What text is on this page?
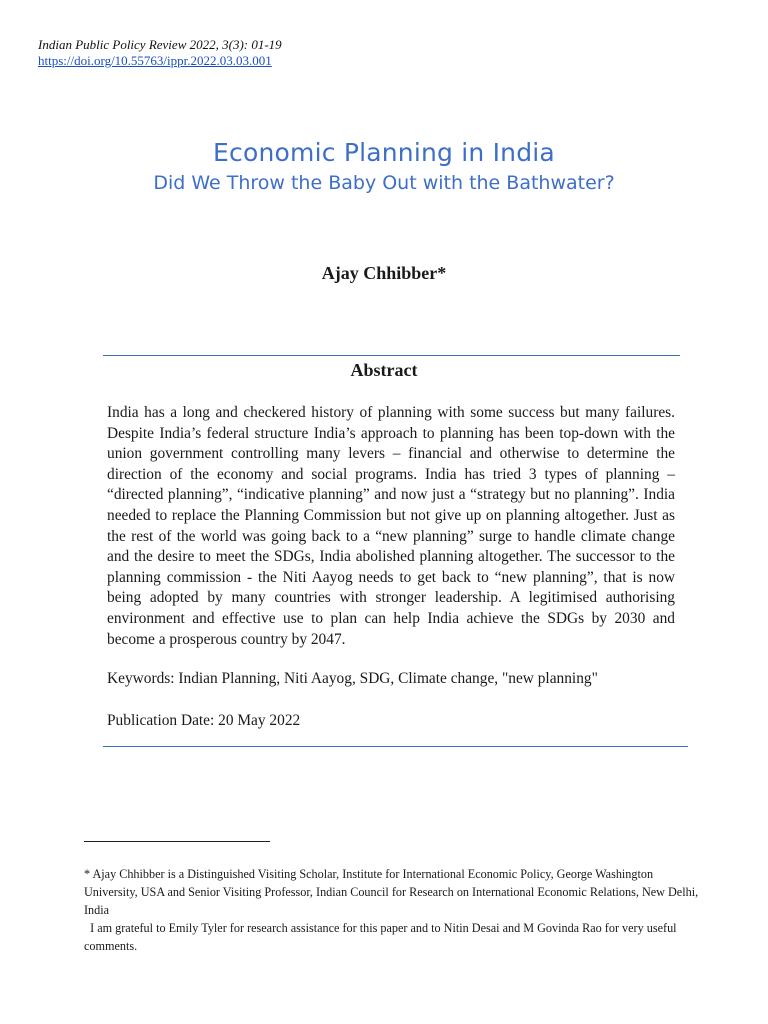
Indian Public Policy Review 2022, 3(3): 01-19
https://doi.org/10.55763/ippr.2022.03.03.001
Economic Planning in India
Did We Throw the Baby Out with the Bathwater?
Ajay Chhibber*
Abstract
India has a long and checkered history of planning with some success but many failures. Despite India’s federal structure India’s approach to planning has been top-down with the union government controlling many levers – financial and otherwise to determine the direction of the economy and social programs. India has tried 3 types of planning – “directed planning”, “indicative planning” and now just a “strategy but no planning”. India needed to replace the Planning Commission but not give up on planning altogether. Just as the rest of the world was going back to a “new planning” surge to handle climate change and the desire to meet the SDGs, India abolished planning altogether. The successor to the planning commission - the Niti Aayog needs to get back to “new planning”, that is now being adopted by many countries with stronger leadership. A legitimised authorising environment and effective use to plan can help India achieve the SDGs by 2030 and become a prosperous country by 2047.
Keywords: Indian Planning, Niti Aayog, SDG, Climate change, "new planning"
Publication Date: 20 May 2022
* Ajay Chhibber is a Distinguished Visiting Scholar, Institute for International Economic Policy, George Washington University, USA and Senior Visiting Professor, Indian Council for Research on International Economic Relations, New Delhi, India
I am grateful to Emily Tyler for research assistance for this paper and to Nitin Desai and M Govinda Rao for very useful comments.
